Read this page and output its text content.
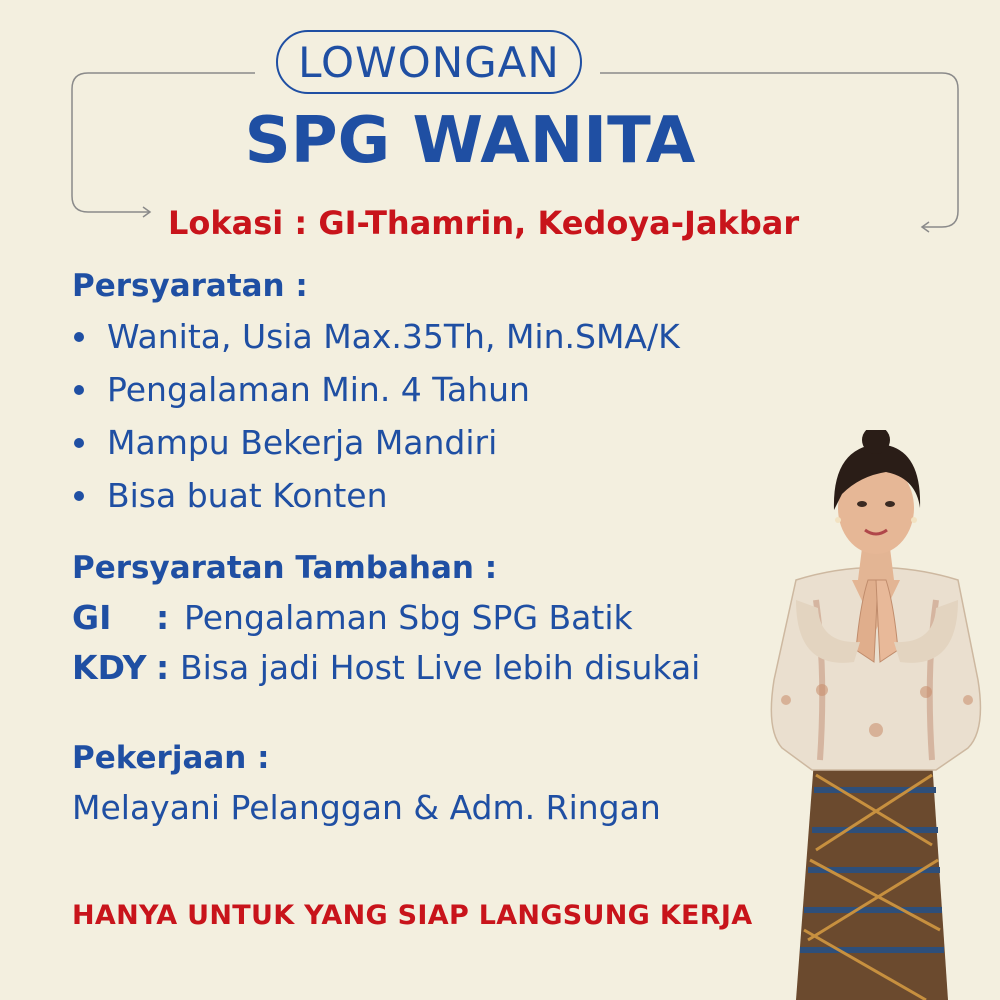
LOWONGAN
SPG WANITA
Lokasi : GI-Thamrin, Kedoya-Jakbar
Persyaratan :
Wanita, Usia Max.35Th, Min.SMA/K
Pengalaman Min. 4 Tahun
Mampu Bekerja Mandiri
Bisa buat Konten
Persyaratan Tambahan :
GI	: Pengalaman Sbg SPG Batik
KDY : Bisa jadi Host Live lebih disukai
Pekerjaan :
Melayani Pelanggan & Adm. Ringan
HANYA UNTUK YANG SIAP LANGSUNG KERJA
